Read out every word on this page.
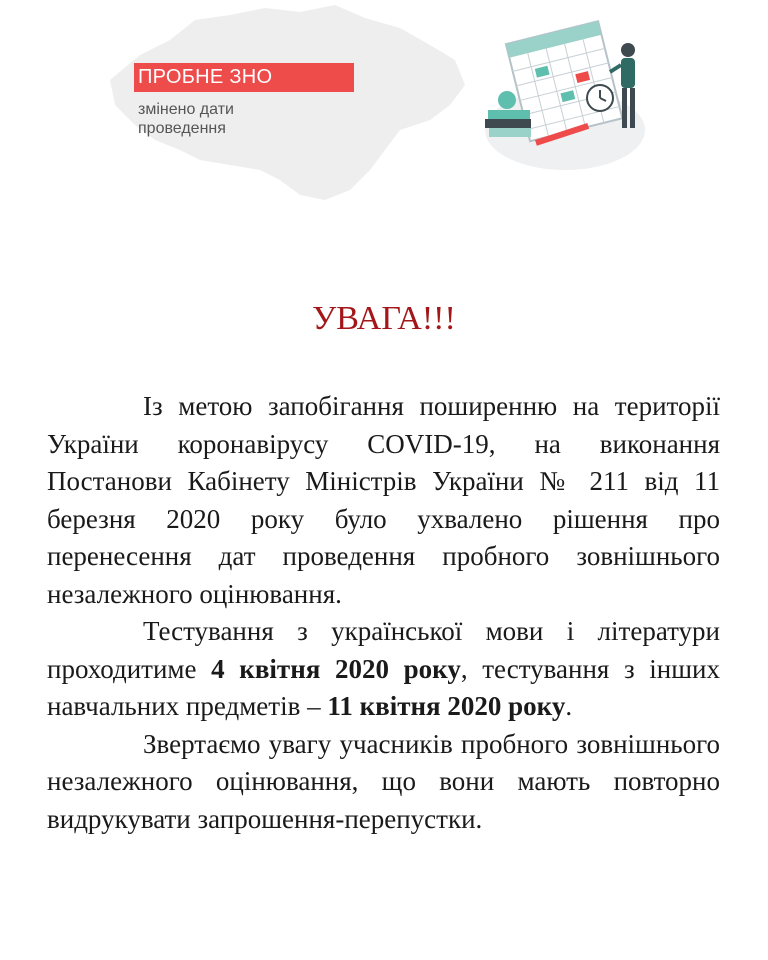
ПРОБНЕ ЗНО
змінено дати
проведення
УВАГА!!!

Із метою запобігання поширенню на території України коронавірусу COVID-19, на виконання Постанови Кабінету Міністрів України № 211 від 11 березня 2020 року було ухвалено рішення про перенесення дат проведення пробного зовнішнього незалежного оцінювання.

Тестування з української мови і літератури проходитиме 4 квітня 2020 року, тестування з інших навчальних предметів – 11 квітня 2020 року.

Звертаємо увагу учасників пробного зовнішнього незалежного оцінювання, що вони мають повторно видрукувати запрошення-перепустки.
